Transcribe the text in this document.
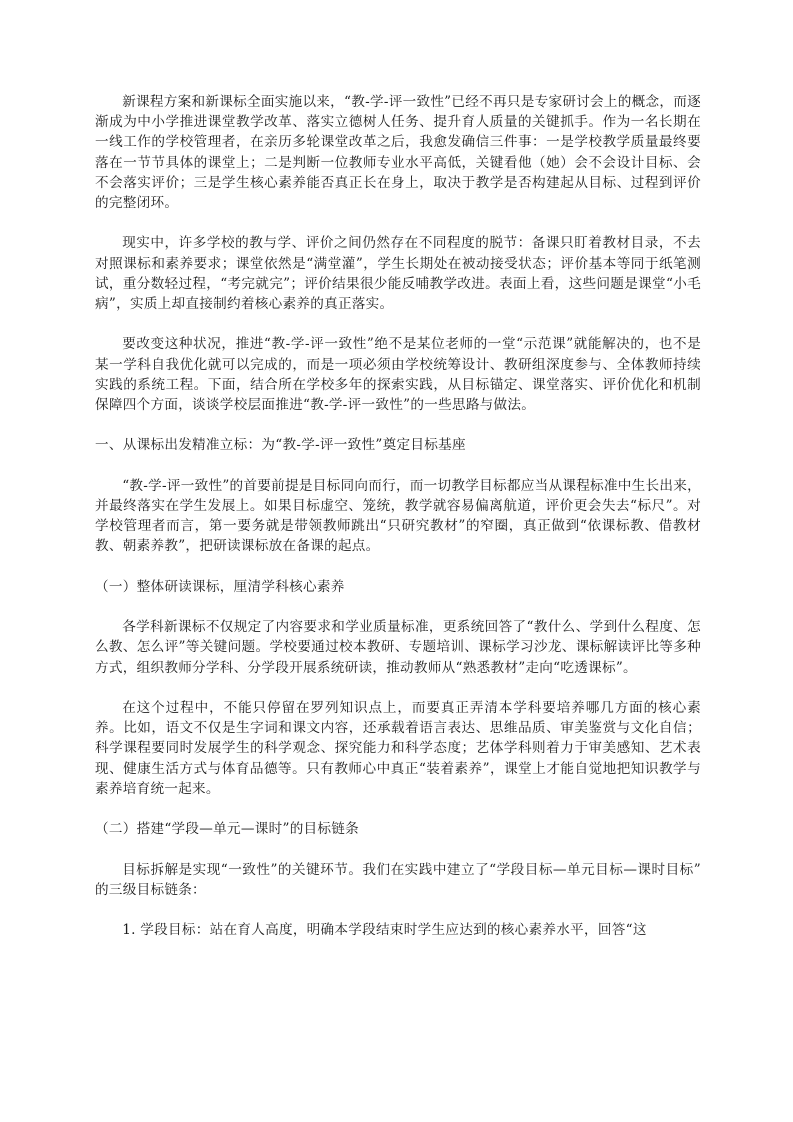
新课程方案和新课标全面实施以来，“教-学-评一致性”已经不再只是专家研讨会上的概念，而逐渐成为中小学推进课堂教学改革、落实立德树人任务、提升育人质量的关键抓手。作为一名长期在一线工作的学校管理者，在亲历多轮课堂改革之后，我愈发确信三件事：一是学校教学质量最终要落在一节节具体的课堂上；二是判断一位教师专业水平高低，关键看他（她）会不会设计目标、会不会落实评价；三是学生核心素养能否真正长在身上，取决于教学是否构建起从目标、过程到评价的完整闭环。

现实中，许多学校的教与学、评价之间仍然存在不同程度的脱节：备课只盯着教材目录，不去对照课标和素养要求；课堂依然是“满堂灌”，学生长期处在被动接受状态；评价基本等同于纸笔测试，重分数轻过程，“考完就完”；评价结果很少能反哺教学改进。表面上看，这些问题是课堂“小毛病”，实质上却直接制约着核心素养的真正落实。

要改变这种状况，推进“教-学-评一致性”绝不是某位老师的一堂“示范课”就能解决的，也不是某一学科自我优化就可以完成的，而是一项必须由学校统筹设计、教研组深度参与、全体教师持续实践的系统工程。下面，结合所在学校多年的探索实践，从目标锚定、课堂落实、评价优化和机制保障四个方面，谈谈学校层面推进“教-学-评一致性”的一些思路与做法。

一、从课标出发精准立标：为“教-学-评一致性”奠定目标基座

“教-学-评一致性”的首要前提是目标同向而行，而一切教学目标都应当从课程标准中生长出来，并最终落实在学生发展上。如果目标虚空、笼统，教学就容易偏离航道，评价更会失去“标尺”。对学校管理者而言，第一要务就是带领教师跳出“只研究教材”的窄圈，真正做到“依课标教、借教材教、朝素养教”，把研读课标放在备课的起点。

（一）整体研读课标，厘清学科核心素养

各学科新课标不仅规定了内容要求和学业质量标准，更系统回答了“教什么、学到什么程度、怎么教、怎么评”等关键问题。学校要通过校本教研、专题培训、课标学习沙龙、课标解读评比等多种方式，组织教师分学科、分学段开展系统研读，推动教师从“熟悉教材”走向“吃透课标”。

在这个过程中，不能只停留在罗列知识点上，而要真正弄清本学科要培养哪几方面的核心素养。比如，语文不仅是生字词和课文内容，还承载着语言表达、思维品质、审美鉴赏与文化自信；科学课程要同时发展学生的科学观念、探究能力和科学态度；艺体学科则着力于审美感知、艺术表现、健康生活方式与体育品德等。只有教师心中真正“装着素养”，课堂上才能自觉地把知识教学与素养培育统一起来。

（二）搭建“学段—单元—课时”的目标链条

目标拆解是实现“一致性”的关键环节。我们在实践中建立了“学段目标—单元目标—课时目标”的三级目标链条：

1. 学段目标：站在育人高度，明确本学段结束时学生应达到的核心素养水平，回答“这
